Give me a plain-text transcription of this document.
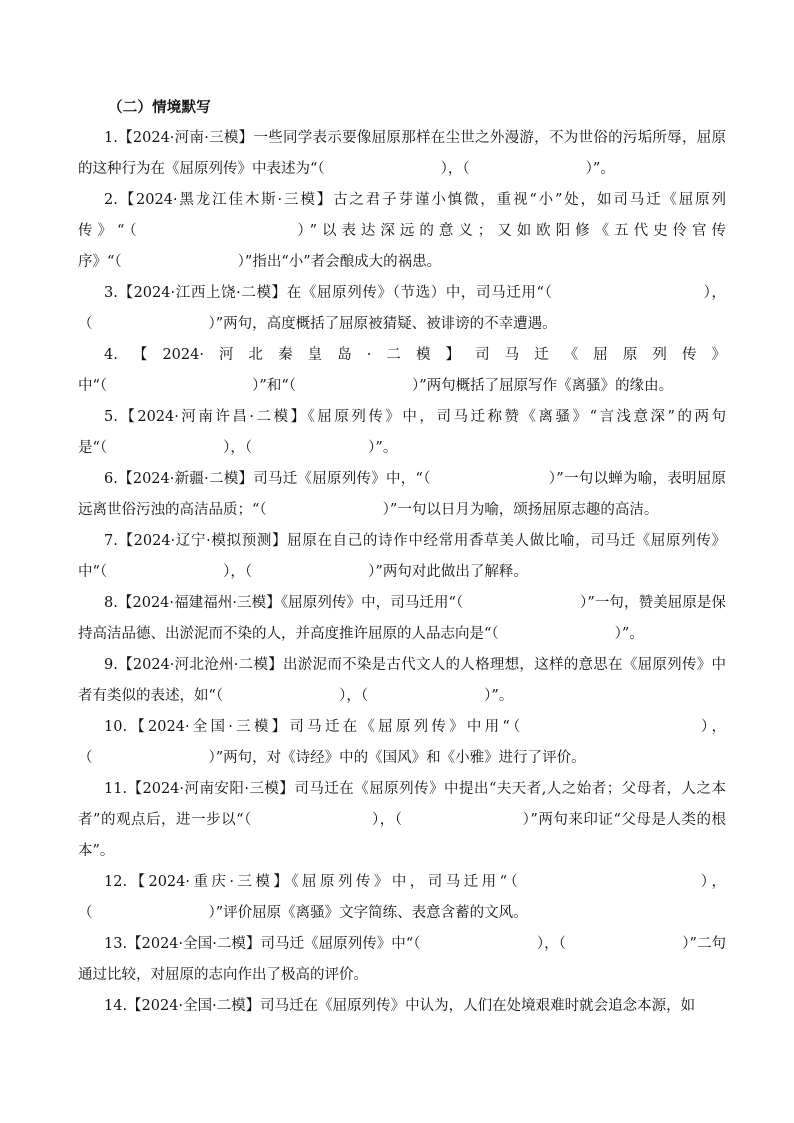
（二）情境默写
1.【2024·河南·三模】一些同学表示要像屈原那样在尘世之外漫游，不为世俗的污垢所辱，屈原的这种行为在《屈原列传》中表述为“（　　　　　　　　），（　　　　　　　　）”。
2.【2024·黑龙江佳木斯·三模】古之君子芽谨小慎微，重视“小”处，如司马迁《屈原列传》“（　　　　　　　　）”以表达深远的意义；又如欧阳修《五代史伶官传序》“（　　　　　　　　）”指出“小”者会酿成大的祸患。
3.【2024·江西上饶·二模】在《屈原列传》（节选）中，司马迁用“（　　　　　　　　　　），（　　　　　　　　）”两句，高度概括了屈原被猜疑、被诽谤的不幸遭遇。
4.【2024·河北秦皇岛·二模】司马迁《屈原列传》中“（　　　　　　　　　　）”和“（　　　　　　　　）”两句概括了屈原写作《离骚》的缘由。
5.【2024·河南许昌·二模】《屈原列传》中，司马迁称赞《离骚》“言浅意深”的两句是“（　　　　　　　　），（　　　　　　　　）”。
6.【2024·新疆·二模】司马迁《屈原列传》中，“（　　　　　　　　）”一句以蝉为喻，表明屈原远离世俗污浊的高洁品质；“（　　　　　　　　）”一句以日月为喻，颂扬屈原志趣的高洁。
7.【2024·辽宁·模拟预测】屈原在自己的诗作中经常用香草美人做比喻，司马迁《屈原列传》中“（　　　　　　　　），（　　　　　　　　）”两句对此做出了解释。
8.【2024·福建福州·三模】《屈原列传》中，司马迁用“（　　　　　　　　）”一句，赞美屈原是保持高洁品德、出淤泥而不染的人，并高度推许屈原的人品志向是“（　　　　　　　　）”。
9.【2024·河北沧州·二模】出淤泥而不染是古代文人的人格理想，这样的意思在《屈原列传》中者有类似的表述，如“（　　　　　　　　），（　　　　　　　　）”。
10.【2024·全国·三模】司马迁在《屈原列传》中用“（　　　　　　　　　　），（　　　　　　　　）”两句，对《诗经》中的《国风》和《小雅》进行了评价。
11.【2024·河南安阳·三模】司马迁在《屈原列传》中提出“夫天者,人之始者；父母者，人之本者”的观点后，进一步以“（　　　　　　　　），（　　　　　　　　）”两句来印证“父母是人类的根本”。
12.【2024·重庆·三模】《屈原列传》中，司马迁用“（　　　　　　　　　　），（　　　　　　　　）”评价屈原《离骚》文字简练、表意含蓄的文风。
13.【2024·全国·二模】司马迁《屈原列传》中“（　　　　　　　　），（　　　　　　　　）”二句通过比较，对屈原的志向作出了极高的评价。
14.【2024·全国·二模】司马迁在《屈原列传》中认为，人们在处境艰难时就会追念本源，如
